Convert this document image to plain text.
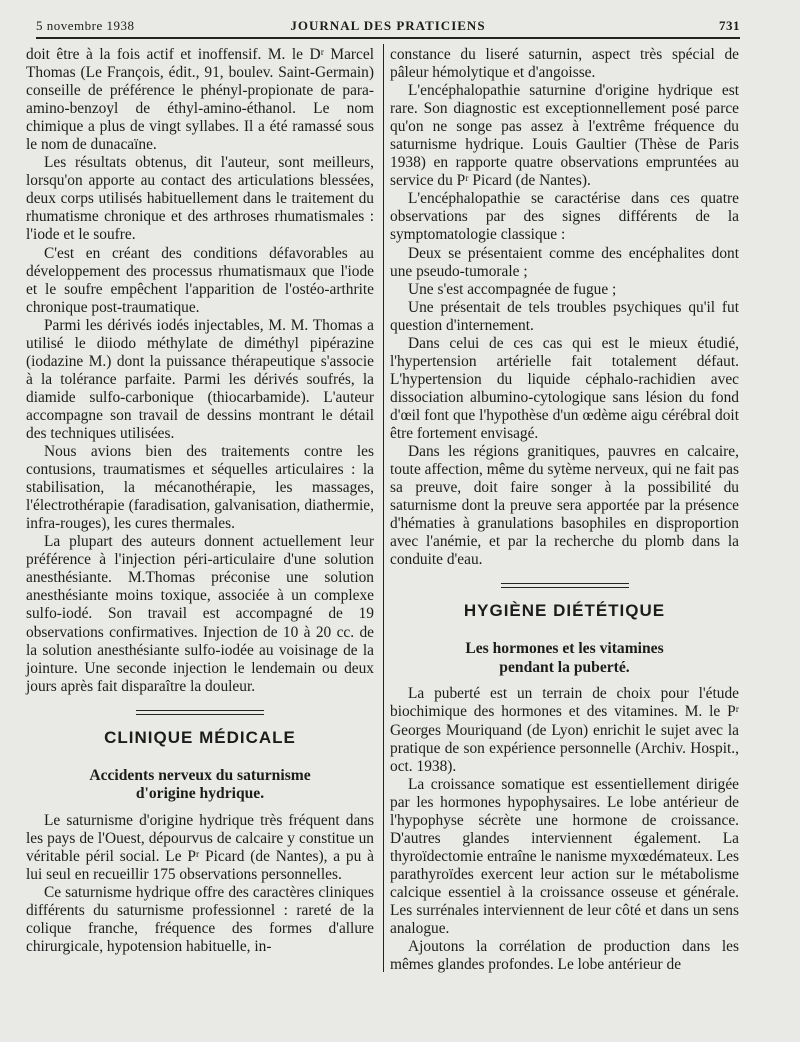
5 novembre 1938	JOURNAL DES PRATICIENS	731

doit être à la fois actif et inoffensif. M. le Dʳ Marcel Thomas (Le François, édit., 91, boulev. Saint-Germain) conseille de préférence le phényl-propionate de para-amino-benzoyl de éthyl-amino-éthanol. Le nom chimique a plus de vingt syllabes. Il a été ramassé sous le nom de dunacaïne.

Les résultats obtenus, dit l'auteur, sont meilleurs, lorsqu'on apporte au contact des articulations blessées, deux corps utilisés habituellement dans le traitement du rhumatisme chronique et des arthroses rhumatismales : l'iode et le soufre.

C'est en créant des conditions défavorables au développement des processus rhumatismaux que l'iode et le soufre empêchent l'apparition de l'ostéo-arthrite chronique post-traumatique.

Parmi les dérivés iodés injectables, M. M. Thomas a utilisé le diiodo méthylate de diméthyl pipérazine (iodazine M.) dont la puissance thérapeutique s'associe à la tolérance parfaite. Parmi les dérivés soufrés, la diamide sulfo-carbonique (thiocarbamide). L'auteur accompagne son travail de dessins montrant le détail des techniques utilisées.

Nous avions bien des traitements contre les contusions, traumatismes et séquelles articulaires : la stabilisation, la mécanothérapie, les massages, l'électrothérapie (faradisation, galvanisation, diathermie, infra-rouges), les cures thermales.

La plupart des auteurs donnent actuellement leur préférence à l'injection péri-articulaire d'une solution anesthésiante. M.Thomas préconise une solution anesthésiante moins toxique, associée à un complexe sulfo-iodé. Son travail est accompagné de 19 observations confirmatives. Injection de 10 à 20 cc. de la solution anesthésiante sulfo-iodée au voisinage de la jointure. Une seconde injection le lendemain ou deux jours après fait disparaître la douleur.

CLINIQUE MÉDICALE
Accidents nerveux du saturnisme
d'origine hydrique.

Le saturnisme d'origine hydrique très fréquent dans les pays de l'Ouest, dépourvus de calcaire y constitue un véritable péril social. Le Pʳ Picard (de Nantes), a pu à lui seul en recueillir 175 observations personnelles.

Ce saturnisme hydrique offre des caractères cliniques différents du saturnisme professionnel : rareté de la colique franche, fréquence des formes d'allure chirurgicale, hypotension habituelle, in-

constance du liseré saturnin, aspect très spécial de pâleur hémolytique et d'angoisse.

L'encéphalopathie saturnine d'origine hydrique est rare. Son diagnostic est exceptionnellement posé parce qu'on ne songe pas assez à l'extrême fréquence du saturnisme hydrique. Louis Gaultier (Thèse de Paris 1938) en rapporte quatre observations empruntées au service du Pʳ Picard (de Nantes).

L'encéphalopathie se caractérise dans ces quatre observations par des signes différents de la symptomatologie classique :

Deux se présentaient comme des encéphalites dont une pseudo-tumorale ;

Une s'est accompagnée de fugue ;

Une présentait de tels troubles psychiques qu'il fut question d'internement.

Dans celui de ces cas qui est le mieux étudié, l'hypertension artérielle fait totalement défaut. L'hypertension du liquide céphalo-rachidien avec dissociation albumino-cytologique sans lésion du fond d'œil font que l'hypothèse d'un œdème aigu cérébral doit être fortement envisagé.

Dans les régions granitiques, pauvres en calcaire, toute affection, même du sytème nerveux, qui ne fait pas sa preuve, doit faire songer à la possibilité du saturnisme dont la preuve sera apportée par la présence d'hématies à granulations basophiles en disproportion avec l'anémie, et par la recherche du plomb dans la conduite d'eau.

HYGIÈNE DIÉTÉTIQUE
Les hormones et les vitamines
pendant la puberté.

La puberté est un terrain de choix pour l'étude biochimique des hormones et des vitamines. M. le Pʳ Georges Mouriquand (de Lyon) enrichit le sujet avec la pratique de son expérience personnelle (Archiv. Hospit., oct. 1938).

La croissance somatique est essentiellement dirigée par les hormones hypophysaires. Le lobe antérieur de l'hypophyse sécrète une hormone de croissance. D'autres glandes interviennent également. La thyroïdectomie entraîne le nanisme myxœdémateux. Les parathyroïdes exercent leur action sur le métabolisme calcique essentiel à la croissance osseuse et générale. Les surrénales interviennent de leur côté et dans un sens analogue.

Ajoutons la corrélation de production dans les mêmes glandes profondes. Le lobe antérieur de
